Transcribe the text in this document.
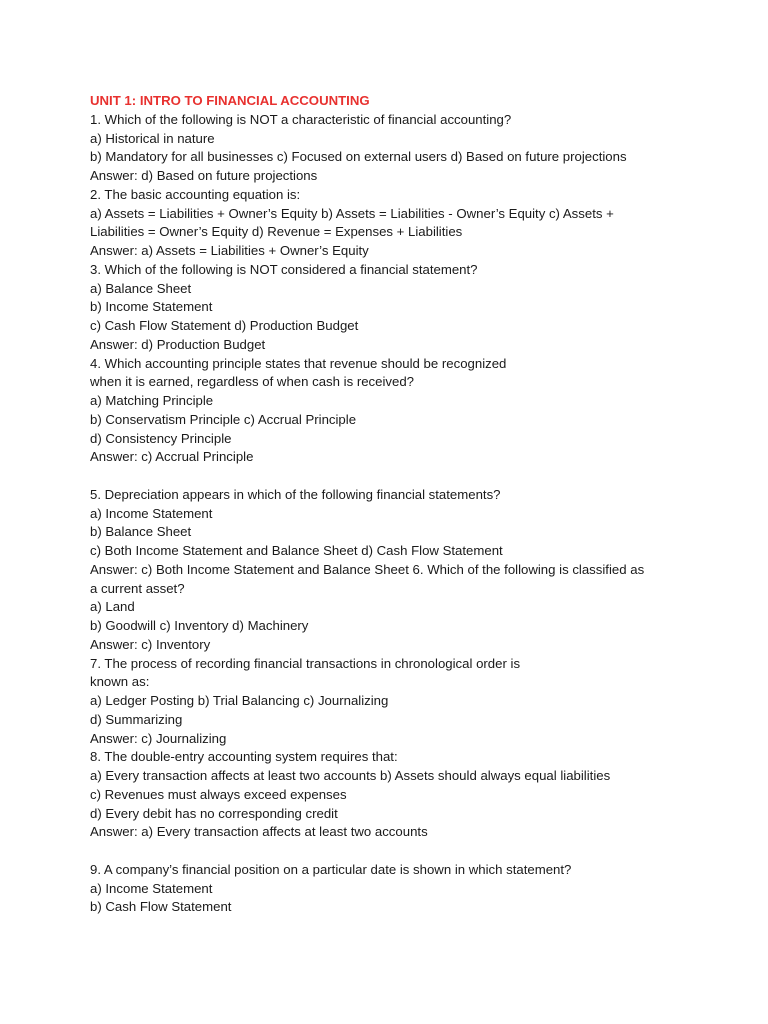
UNIT 1: INTRO TO FINANCIAL ACCOUNTING
1. Which of the following is NOT a characteristic of financial accounting?
a) Historical in nature
b) Mandatory for all businesses c) Focused on external users d) Based on future projections
Answer: d) Based on future projections
2. The basic accounting equation is:
a) Assets = Liabilities + Owner’s Equity b) Assets = Liabilities - Owner’s Equity c) Assets +
Liabilities = Owner’s Equity d) Revenue = Expenses + Liabilities
Answer: a) Assets = Liabilities + Owner’s Equity
3. Which of the following is NOT considered a financial statement?
a) Balance Sheet
b) Income Statement
c) Cash Flow Statement d) Production Budget
Answer: d) Production Budget
4. Which accounting principle states that revenue should be recognized
when it is earned, regardless of when cash is received?
a) Matching Principle
b) Conservatism Principle c) Accrual Principle
d) Consistency Principle
Answer: c) Accrual Principle
5. Depreciation appears in which of the following financial statements?
a) Income Statement
b) Balance Sheet
c) Both Income Statement and Balance Sheet d) Cash Flow Statement
Answer: c) Both Income Statement and Balance Sheet 6. Which of the following is classified as
a current asset?
a) Land
b) Goodwill c) Inventory d) Machinery
Answer: c) Inventory
7. The process of recording financial transactions in chronological order is
known as:
a) Ledger Posting b) Trial Balancing c) Journalizing
d) Summarizing
Answer: c) Journalizing
8. The double-entry accounting system requires that:
a) Every transaction affects at least two accounts b) Assets should always equal liabilities
c) Revenues must always exceed expenses
d) Every debit has no corresponding credit
Answer: a) Every transaction affects at least two accounts
9. A company’s financial position on a particular date is shown in which statement?
a) Income Statement
b) Cash Flow Statement
